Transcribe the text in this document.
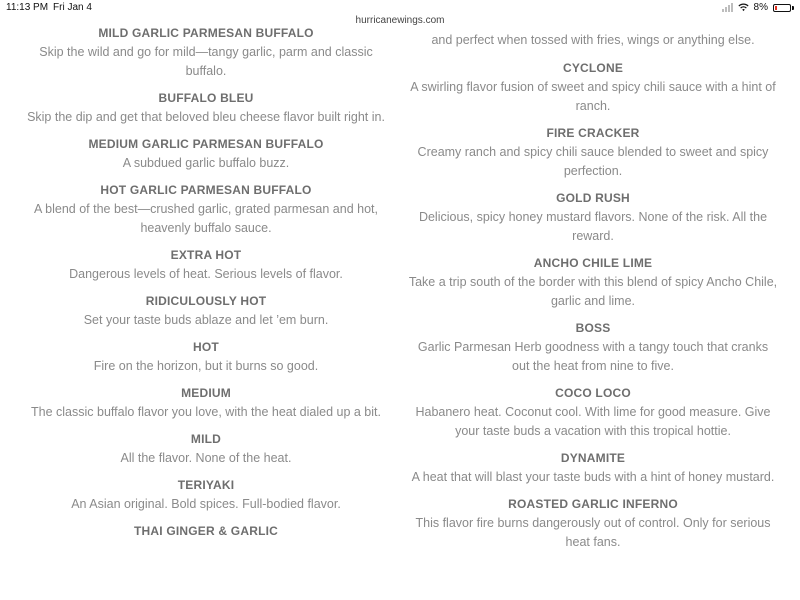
MILD GARLIC PARMESAN BUFFALO
Skip the wild and go for mild—tangy garlic, parm and classic buffalo.
BUFFALO BLEU
Skip the dip and get that beloved bleu cheese flavor built right in.
MEDIUM GARLIC PARMESAN BUFFALO
A subdued garlic buffalo buzz.
HOT GARLIC PARMESAN BUFFALO
A blend of the best—crushed garlic, grated parmesan and hot, heavenly buffalo sauce.
EXTRA HOT
Dangerous levels of heat. Serious levels of flavor.
RIDICULOUSLY HOT
Set your taste buds ablaze and let ’em burn.
HOT
Fire on the horizon, but it burns so good.
MEDIUM
The classic buffalo flavor you love, with the heat dialed up a bit.
MILD
All the flavor. None of the heat.
TERIYAKI
An Asian original. Bold spices. Full-bodied flavor.
THAI GINGER & GARLIC
and perfect when tossed with fries, wings or anything else.
CYCLONE
A swirling flavor fusion of sweet and spicy chili sauce with a hint of ranch.
FIRE CRACKER
Creamy ranch and spicy chili sauce blended to sweet and spicy perfection.
GOLD RUSH
Delicious, spicy honey mustard flavors. None of the risk. All the reward.
ANCHO CHILE LIME
Take a trip south of the border with this blend of spicy Ancho Chile, garlic and lime.
BOSS
Garlic Parmesan Herb goodness with a tangy touch that cranks out the heat from nine to five.
COCO LOCO
Habanero heat. Coconut cool. With lime for good measure. Give your taste buds a vacation with this tropical hottie.
DYNAMITE
A heat that will blast your taste buds with a hint of honey mustard.
ROASTED GARLIC INFERNO
This flavor fire burns dangerously out of control. Only for serious heat fans.
11:13 PM Fri Jan 4	8%
hurricanewings.com
